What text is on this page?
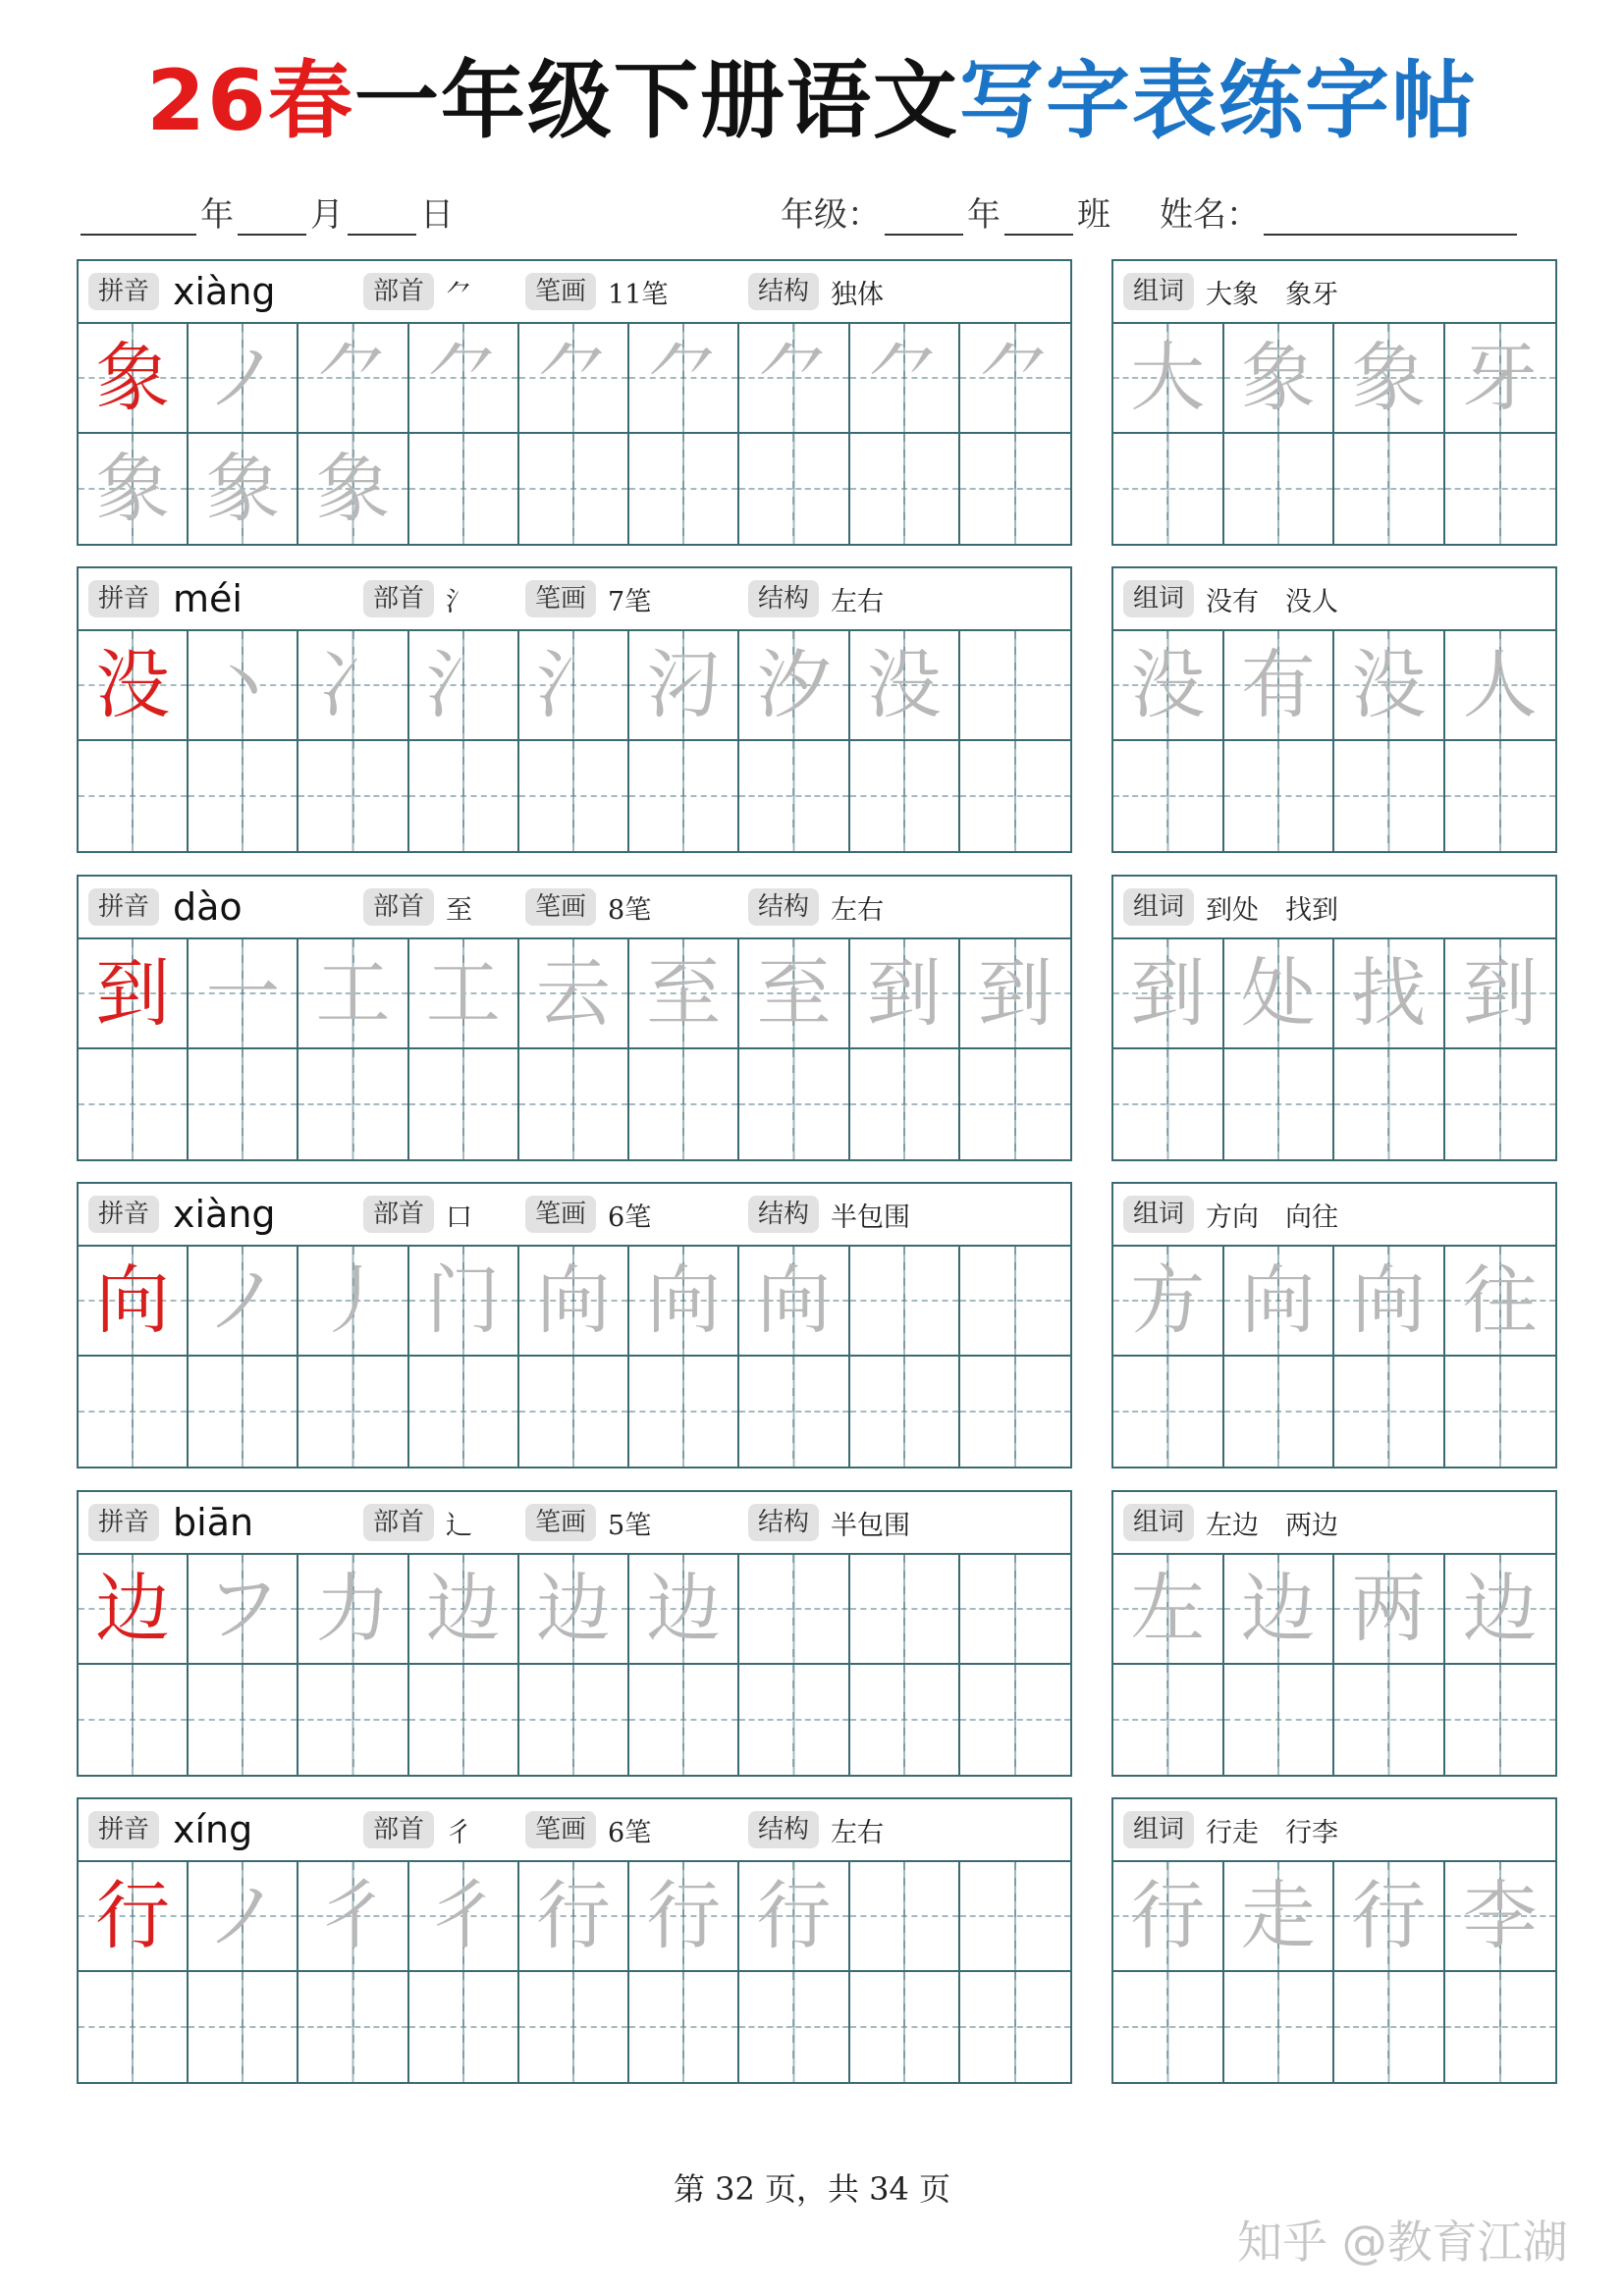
26春一年级下册语文写字表练字帖
年 月 日	年级：	年 班 姓名：
拼音 xiàng	部首 ⺈	笔画 11笔	结构 独体
象 ノ ⺈ ⺈ ⺈ ⺈ ⺈ ⺈ ⺈
象 象 象
组词 大象　象牙
大 象 象 牙
拼音 méi	部首 氵	笔画 7笔	结构 左右
没 丶 冫 氵 氵 汈 汐 没
组词 没有　没人
没 有 没 人
拼音 dào	部首 至	笔画 8笔	结构 左右
到 一 工 工 云 至 至 到 到
组词 到处　找到
到 处 找 到
拼音 xiàng	部首 口	笔画 6笔	结构 半包围
向 ノ 丿 门 向 向 向
组词 方向　向往
方 向 向 往
拼音 biān	部首 辶	笔画 5笔	结构 半包围
边 フ 力 边 边 边
组词 左边　两边
左 边 两 边
拼音 xíng	部首 彳	笔画 6笔	结构 左右
行 ノ 彳 彳 行 行 行
组词 行走　行李
行 走 行 李
第 32 页，共 34 页
知乎 @教育江湖
